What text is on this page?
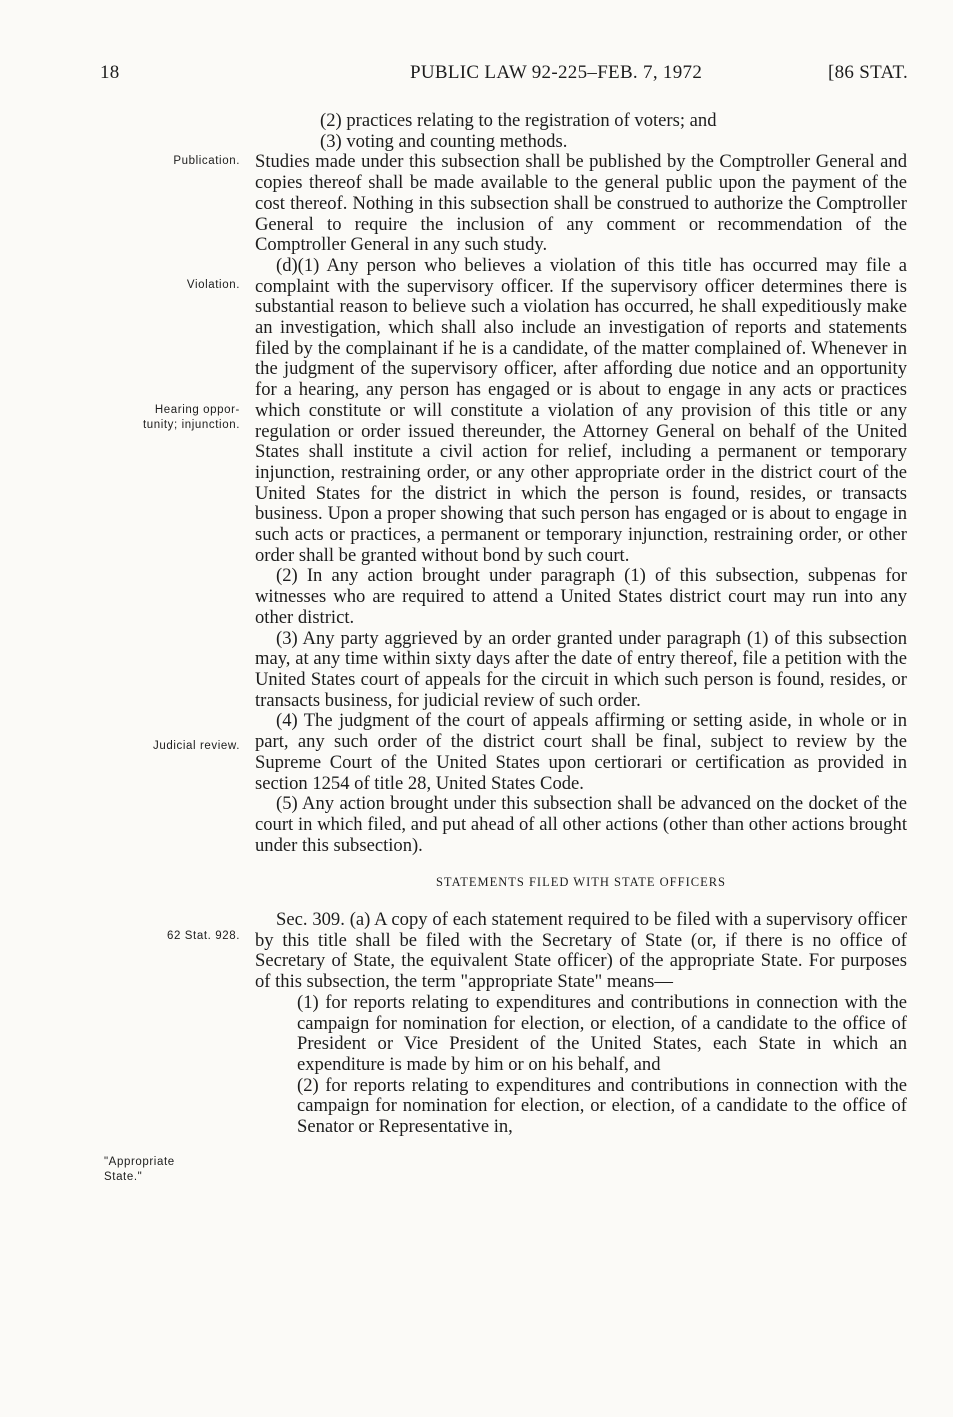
18	PUBLIC LAW 92-225–FEB. 7, 1972	[86 STAT.
Publication.
Violation.
Hearing oppor-
tunity; injunction.
Judicial review.
62 Stat. 928.
"Appropriate
State."

(2) practices relating to the registration of voters; and

(3) voting and counting methods.

Studies made under this subsection shall be published by the Comptroller General and copies thereof shall be made available to the general public upon the payment of the cost thereof. Nothing in this subsection shall be construed to authorize the Comptroller General to require the inclusion of any comment or recommendation of the Comptroller General in any such study.

(d)(1) Any person who believes a violation of this title has occurred may file a complaint with the supervisory officer. If the supervisory officer determines there is substantial reason to believe such a violation has occurred, he shall expeditiously make an investigation, which shall also include an investigation of reports and statements filed by the complainant if he is a candidate, of the matter complained of. Whenever in the judgment of the supervisory officer, after affording due notice and an opportunity for a hearing, any person has engaged or is about to engage in any acts or practices which constitute or will constitute a violation of any provision of this title or any regulation or order issued thereunder, the Attorney General on behalf of the United States shall institute a civil action for relief, including a permanent or temporary injunction, restraining order, or any other appropriate order in the district court of the United States for the district in which the person is found, resides, or transacts business. Upon a proper showing that such person has engaged or is about to engage in such acts or practices, a permanent or temporary injunction, restraining order, or other order shall be granted without bond by such court.

(2) In any action brought under paragraph (1) of this subsection, subpenas for witnesses who are required to attend a United States district court may run into any other district.

(3) Any party aggrieved by an order granted under paragraph (1) of this subsection may, at any time within sixty days after the date of entry thereof, file a petition with the United States court of appeals for the circuit in which such person is found, resides, or transacts business, for judicial review of such order.

(4) The judgment of the court of appeals affirming or setting aside, in whole or in part, any such order of the district court shall be final, subject to review by the Supreme Court of the United States upon certiorari or certification as provided in section 1254 of title 28, United States Code.

(5) Any action brought under this subsection shall be advanced on the docket of the court in which filed, and put ahead of all other actions (other than other actions brought under this subsection).

STATEMENTS FILED WITH STATE OFFICERS

Sec. 309. (a) A copy of each statement required to be filed with a supervisory officer by this title shall be filed with the Secretary of State (or, if there is no office of Secretary of State, the equivalent State officer) of the appropriate State. For purposes of this subsection, the term "appropriate State" means—

(1) for reports relating to expenditures and contributions in connection with the campaign for nomination for election, or election, of a candidate to the office of President or Vice President of the United States, each State in which an expenditure is made by him or on his behalf, and

(2) for reports relating to expenditures and contributions in connection with the campaign for nomination for election, or election, of a candidate to the office of Senator or Representative in,
